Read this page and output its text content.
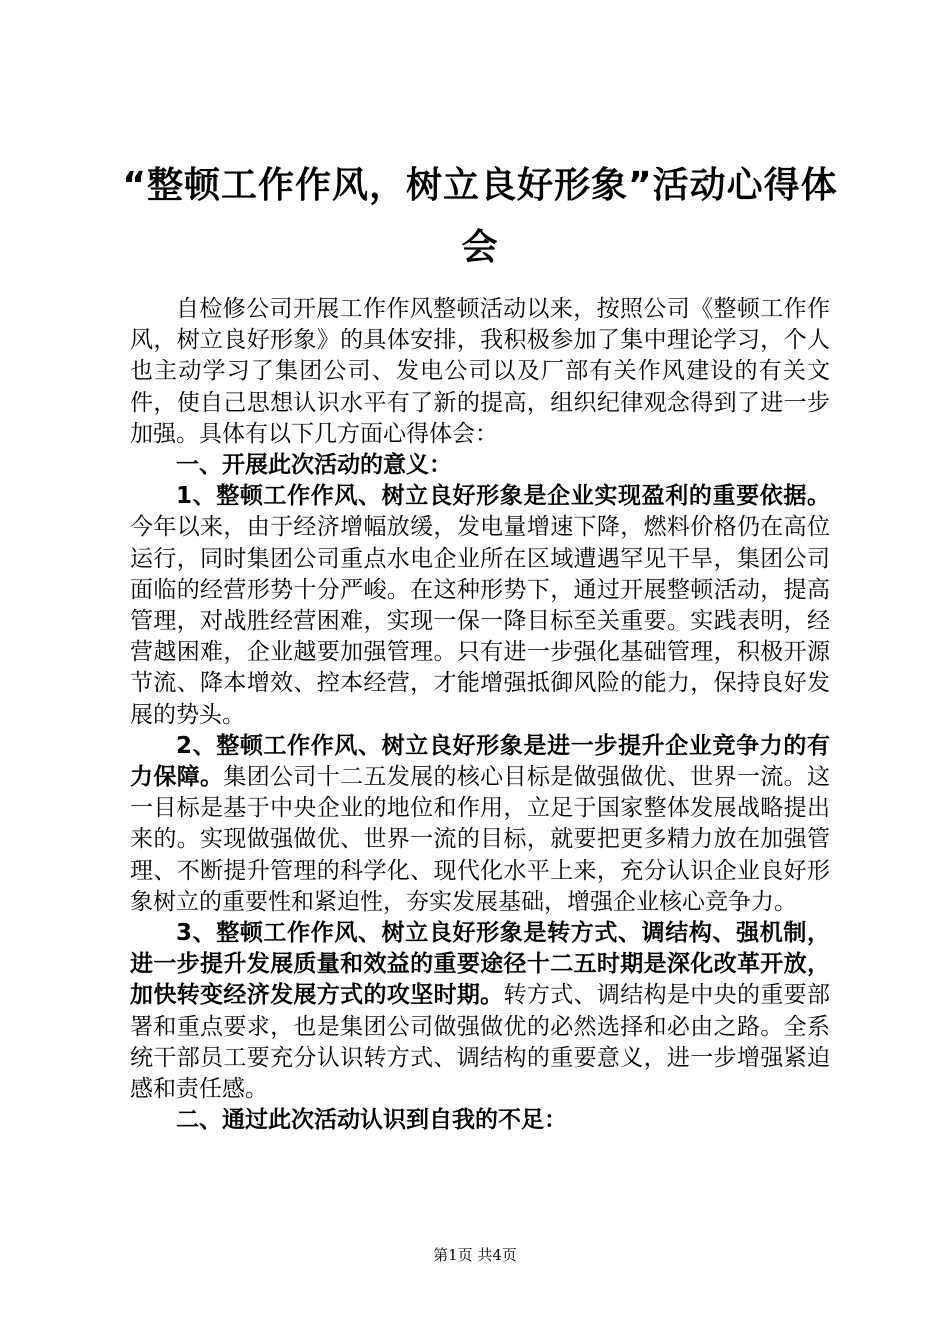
“整顿工作作风，树立良好形象”活动心得体会

自检修公司开展工作作风整顿活动以来，按照公司《整顿工作作风，树立良好形象》的具体安排，我积极参加了集中理论学习，个人也主动学习了集团公司、发电公司以及厂部有关作风建设的有关文件，使自己思想认识水平有了新的提高，组织纪律观念得到了进一步加强。具体有以下几方面心得体会：

一、开展此次活动的意义：

1、整顿工作作风、树立良好形象是企业实现盈利的重要依据。今年以来，由于经济增幅放缓，发电量增速下降，燃料价格仍在高位运行，同时集团公司重点水电企业所在区域遭遇罕见干旱，集团公司面临的经营形势十分严峻。在这种形势下，通过开展整顿活动，提高管理，对战胜经营困难，实现一保一降目标至关重要。实践表明，经营越困难，企业越要加强管理。只有进一步强化基础管理，积极开源节流、降本增效、控本经营，才能增强抵御风险的能力，保持良好发展的势头。

2、整顿工作作风、树立良好形象是进一步提升企业竞争力的有力保障。集团公司十二五发展的核心目标是做强做优、世界一流。这一目标是基于中央企业的地位和作用，立足于国家整体发展战略提出来的。实现做强做优、世界一流的目标，就要把更多精力放在加强管理、不断提升管理的科学化、现代化水平上来，充分认识企业良好形象树立的重要性和紧迫性，夯实发展基础，增强企业核心竞争力。

3、整顿工作作风、树立良好形象是转方式、调结构、强机制，进一步提升发展质量和效益的重要途径十二五时期是深化改革开放，加快转变经济发展方式的攻坚时期。转方式、调结构是中央的重要部署和重点要求，也是集团公司做强做优的必然选择和必由之路。全系统干部员工要充分认识转方式、调结构的重要意义，进一步增强紧迫感和责任感。

二、通过此次活动认识到自我的不足：

第1页 共4页
